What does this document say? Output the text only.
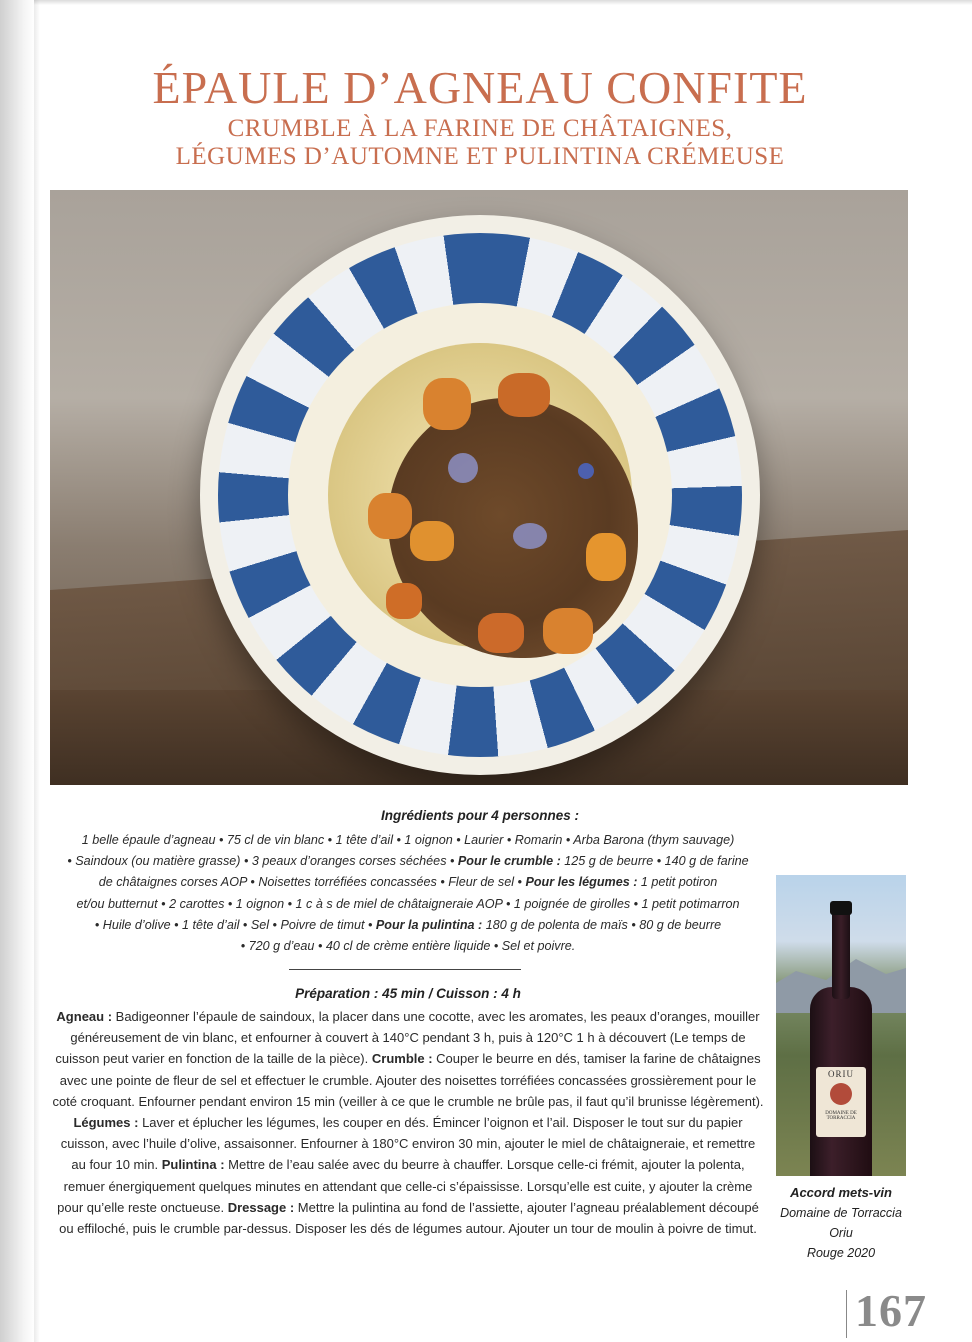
ÉPAULE D’AGNEAU CONFITE

CRUMBLE À LA FARINE DE CHÂTAIGNES,

LÉGUMES D’AUTOMNE ET PULINTINA CRÉMEUSE

Ingrédients pour 4 personnes :

1 belle épaule d’agneau • 75 cl de vin blanc • 1 tête d’ail • 1 oignon • Laurier • Romarin • Arba Barona (thym sauvage)
• Saindoux (ou matière grasse) • 3 peaux d’oranges corses séchées • Pour le crumble : 125 g de beurre • 140 g de farine
de châtaignes corses AOP • Noisettes torréfiées concassées • Fleur de sel • Pour les légumes : 1 petit potiron
et/ou butternut • 2 carottes • 1 oignon • 1 c à s de miel de châtaigneraie AOP • 1 poignée de girolles • 1 petit potimarron
• Huile d’olive • 1 tête d’ail • Sel • Poivre de timut • Pour la pulintina : 180 g de polenta de maïs • 80 g de beurre
• 720 g d’eau • 40 cl de crème entière liquide • Sel et poivre.

Préparation : 45 min / Cuisson : 4 h

Agneau : Badigeonner l’épaule de saindoux, la placer dans une cocotte, avec les aromates, les peaux d’oranges, mouiller généreusement de vin blanc, et enfourner à couvert à 140°C pendant 3 h, puis à 120°C 1 h à découvert (Le temps de cuisson peut varier en fonction de la taille de la pièce). Crumble : Couper le beurre en dés, tamiser la farine de châtaignes avec une pointe de fleur de sel et effectuer le crumble. Ajouter des noisettes torréfiées concassées grossièrement pour le coté croquant. Enfourner pendant environ 15 min (veiller à ce que le crumble ne brûle pas, il faut qu’il brunisse légèrement). Légumes : Laver et éplucher les légumes, les couper en dés. Émincer l’oignon et l’ail. Disposer le tout sur du papier cuisson, avec l’huile d’olive, assaisonner. Enfourner à 180°C environ 30 min, ajouter le miel de châtaigneraie, et remettre au four 10 min. Pulintina : Mettre de l’eau salée avec du beurre à chauffer. Lorsque celle-ci frémit, ajouter la polenta, remuer énergiquement quelques minutes en attendant que celle-ci s’épaississe. Lorsqu’elle est cuite, y ajouter la crème pour qu’elle reste onctueuse. Dressage : Mettre la pulintina au fond de l’assiette, ajouter l’agneau préalablement découpé ou effiloché, puis le crumble par-dessus. Disposer les dés de légumes autour. Ajouter un tour de moulin à poivre de timut.

ORIU
DOMAINE DE TORRACCIA
Accord mets-vin
Domaine de Torraccia
Oriu
Rouge 2020
167
